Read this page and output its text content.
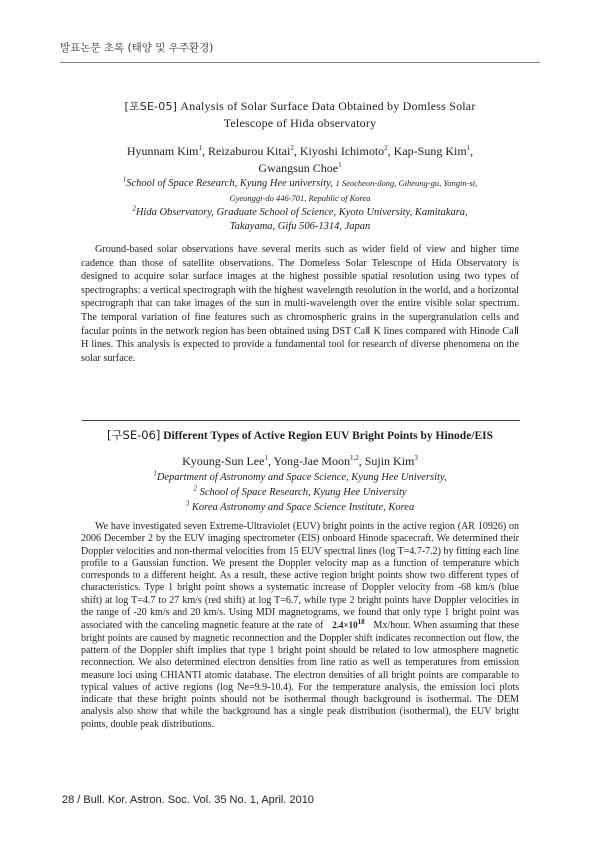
발표논문 초록 (태양 및 우주환경)
[포SE-05] Analysis of Solar Surface Data Obtained by Domless Solar
Telescope of Hida observatory
Hyunnam Kim$^1$, Reizaburou Kitai$^2$, Kiyoshi Ichimoto$^2$, Kap-Sung Kim$^1$,
Gwangsun Choe$^1$
$^1$School of Space Research, Kyung Hee university, 1 Seocheon-dong, Giheung-gu, Yongin-si,
Gyeonggi-do 446-701, Republic of Korea
$^2$Hida Observatory, Graduate School of Science, Kyoto University, Kamitakara,
Takayama, Gifu 506-1314, Japan

Ground-based solar observations have several merits such as wider field of view and higher time cadence than those of satellite observations. The Domeless Solar Telescope of Hida Observatory is designed to acquire solar surface images at the highest possible spatial resolution using two types of spectrographs: a vertical spectrograph with the highest wavelength resolution in the world, and a horizontal spectrograph that can take images of the sun in multi-wavelength over the entire visible solar spectrum. The temporal variation of fine features such as chromospheric grains in the supergranulation cells and facular points in the network region has been obtained using DST CaⅡ K lines compared with Hinode CaⅡ H lines. This analysis is expected to provide a fundamental tool for research of diverse phenomena on the solar surface.

[구SE-06] Different Types of Active Region EUV Bright Points by Hinode/EIS
Kyoung-Sun Lee$^1$, Yong-Jae Moon$^{1,2}$, Sujin Kim$^3$
$^1$Department of Astronomy and Space Science, Kyung Hee University,
$^2$ School of Space Research, Kyung Hee University
$^3$ Korea Astronomy and Space Science Institute, Korea

We have investigated seven Extreme-Ultraviolet (EUV) bright points in the active region (AR 10926) on 2006 December 2 by the EUV imaging spectrometer (EIS) onboard Hinode spacecraft. We determined their Doppler velocities and non-thermal velocities from 15 EUV spectral lines (log T=4.7-7.2) by fitting each line profile to a Gaussian function. We present the Doppler velocity map as a function of temperature which corresponds to a different height. As a result, these active region bright points show two different types of characteristics. Type 1 bright point shows a systematic increase of Doppler velocity from -68 km/s (blue shift) at log T=4.7 to 27 km/s (red shift) at log T=6.7, while type 2 bright points have Doppler velocities in the range of -20 km/s and 20 km/s. Using MDI magnetograms, we found that only type 1 bright point was associated with the canceling magnetic feature at the rate of $2.4\times 10^{18}$ Mx/hour. When assuming that these bright points are caused by magnetic reconnection and the Doppler shift indicates reconnection out flow, the pattern of the Doppler shift implies that type 1 bright point should be related to low atmosphere magnetic reconnection. We also determined electron densities from line ratio as well as temperatures from emission measure loci using CHIANTI atomic database. The electron densities of all bright points are comparable to typical values of active regions (log Ne=9.9-10.4). For the temperature analysis, the emission loci plots indicate that these bright points should not be isothermal though background is isothermal. The DEM analysis also show that while the background has a single peak distribution (isothermal), the EUV bright points, double peak distributions.

28 / Bull. Kor. Astron. Soc. Vol. 35 No. 1, April. 2010
